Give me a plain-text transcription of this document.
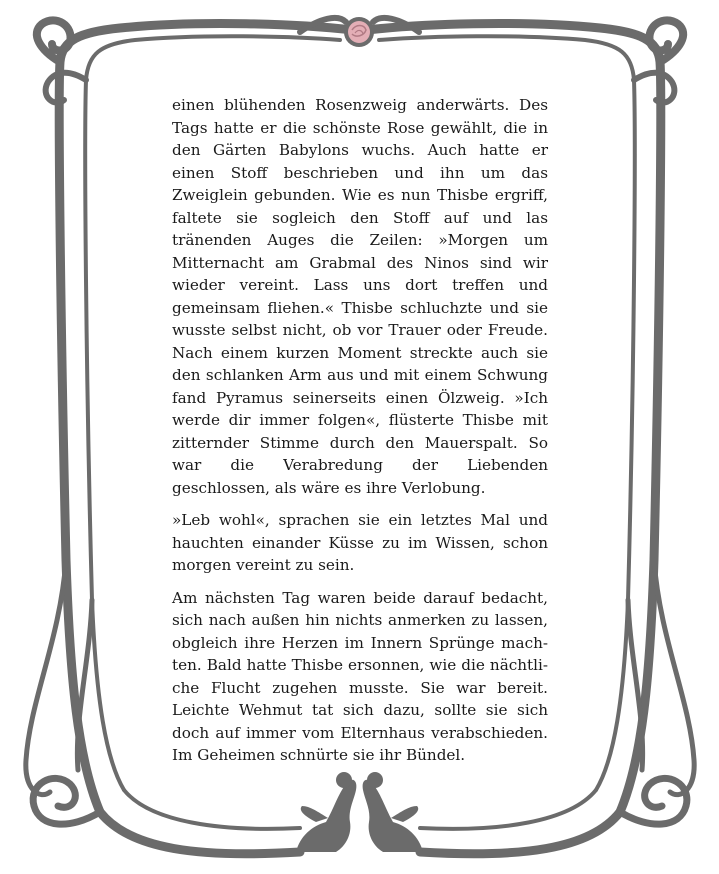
einen blühenden Rosenzweig anderwärts. Des Tags hatte er die schönste Rose gewählt, die in den Gärten Babylons wuchs. Auch hatte er einen Stoff beschrieben und ihn um das Zweiglein gebunden. Wie es nun Thisbe ergriff, faltete sie sogleich den Stoff auf und las tränenden Auges die Zeilen: »Morgen um Mitternacht am Grabmal des Ninos sind wir wieder vereint. Lass uns dort treffen und gemeinsam fliehen.« Thisbe schluchzte und sie wusste selbst nicht, ob vor Trauer oder Freude. Nach einem kurzen Moment streckte auch sie den schlanken Arm aus und mit einem Schwung fand Pyramus seinerseits einen Ölzweig. »Ich werde dir immer folgen«, flüsterte Thisbe mit zitternder Stimme durch den Mauerspalt. So war die Verabredung der Liebenden geschlossen, als wäre es ihre Verlobung.

»Leb wohl«, sprachen sie ein letztes Mal und hauchten einander Küsse zu im Wissen, schon morgen vereint zu sein.

Am nächsten Tag waren beide darauf bedacht, sich nach außen hin nichts anmerken zu lassen, obgleich ihre Herzen im Innern Sprünge machten. Bald hatte Thisbe ersonnen, wie die nächtliche Flucht zugehen musste. Sie war bereit. Leichte Wehmut tat sich dazu, sollte sie sich doch auf immer vom Elternhaus verabschieden. Im Geheimen schnürte sie ihr Bündel.
